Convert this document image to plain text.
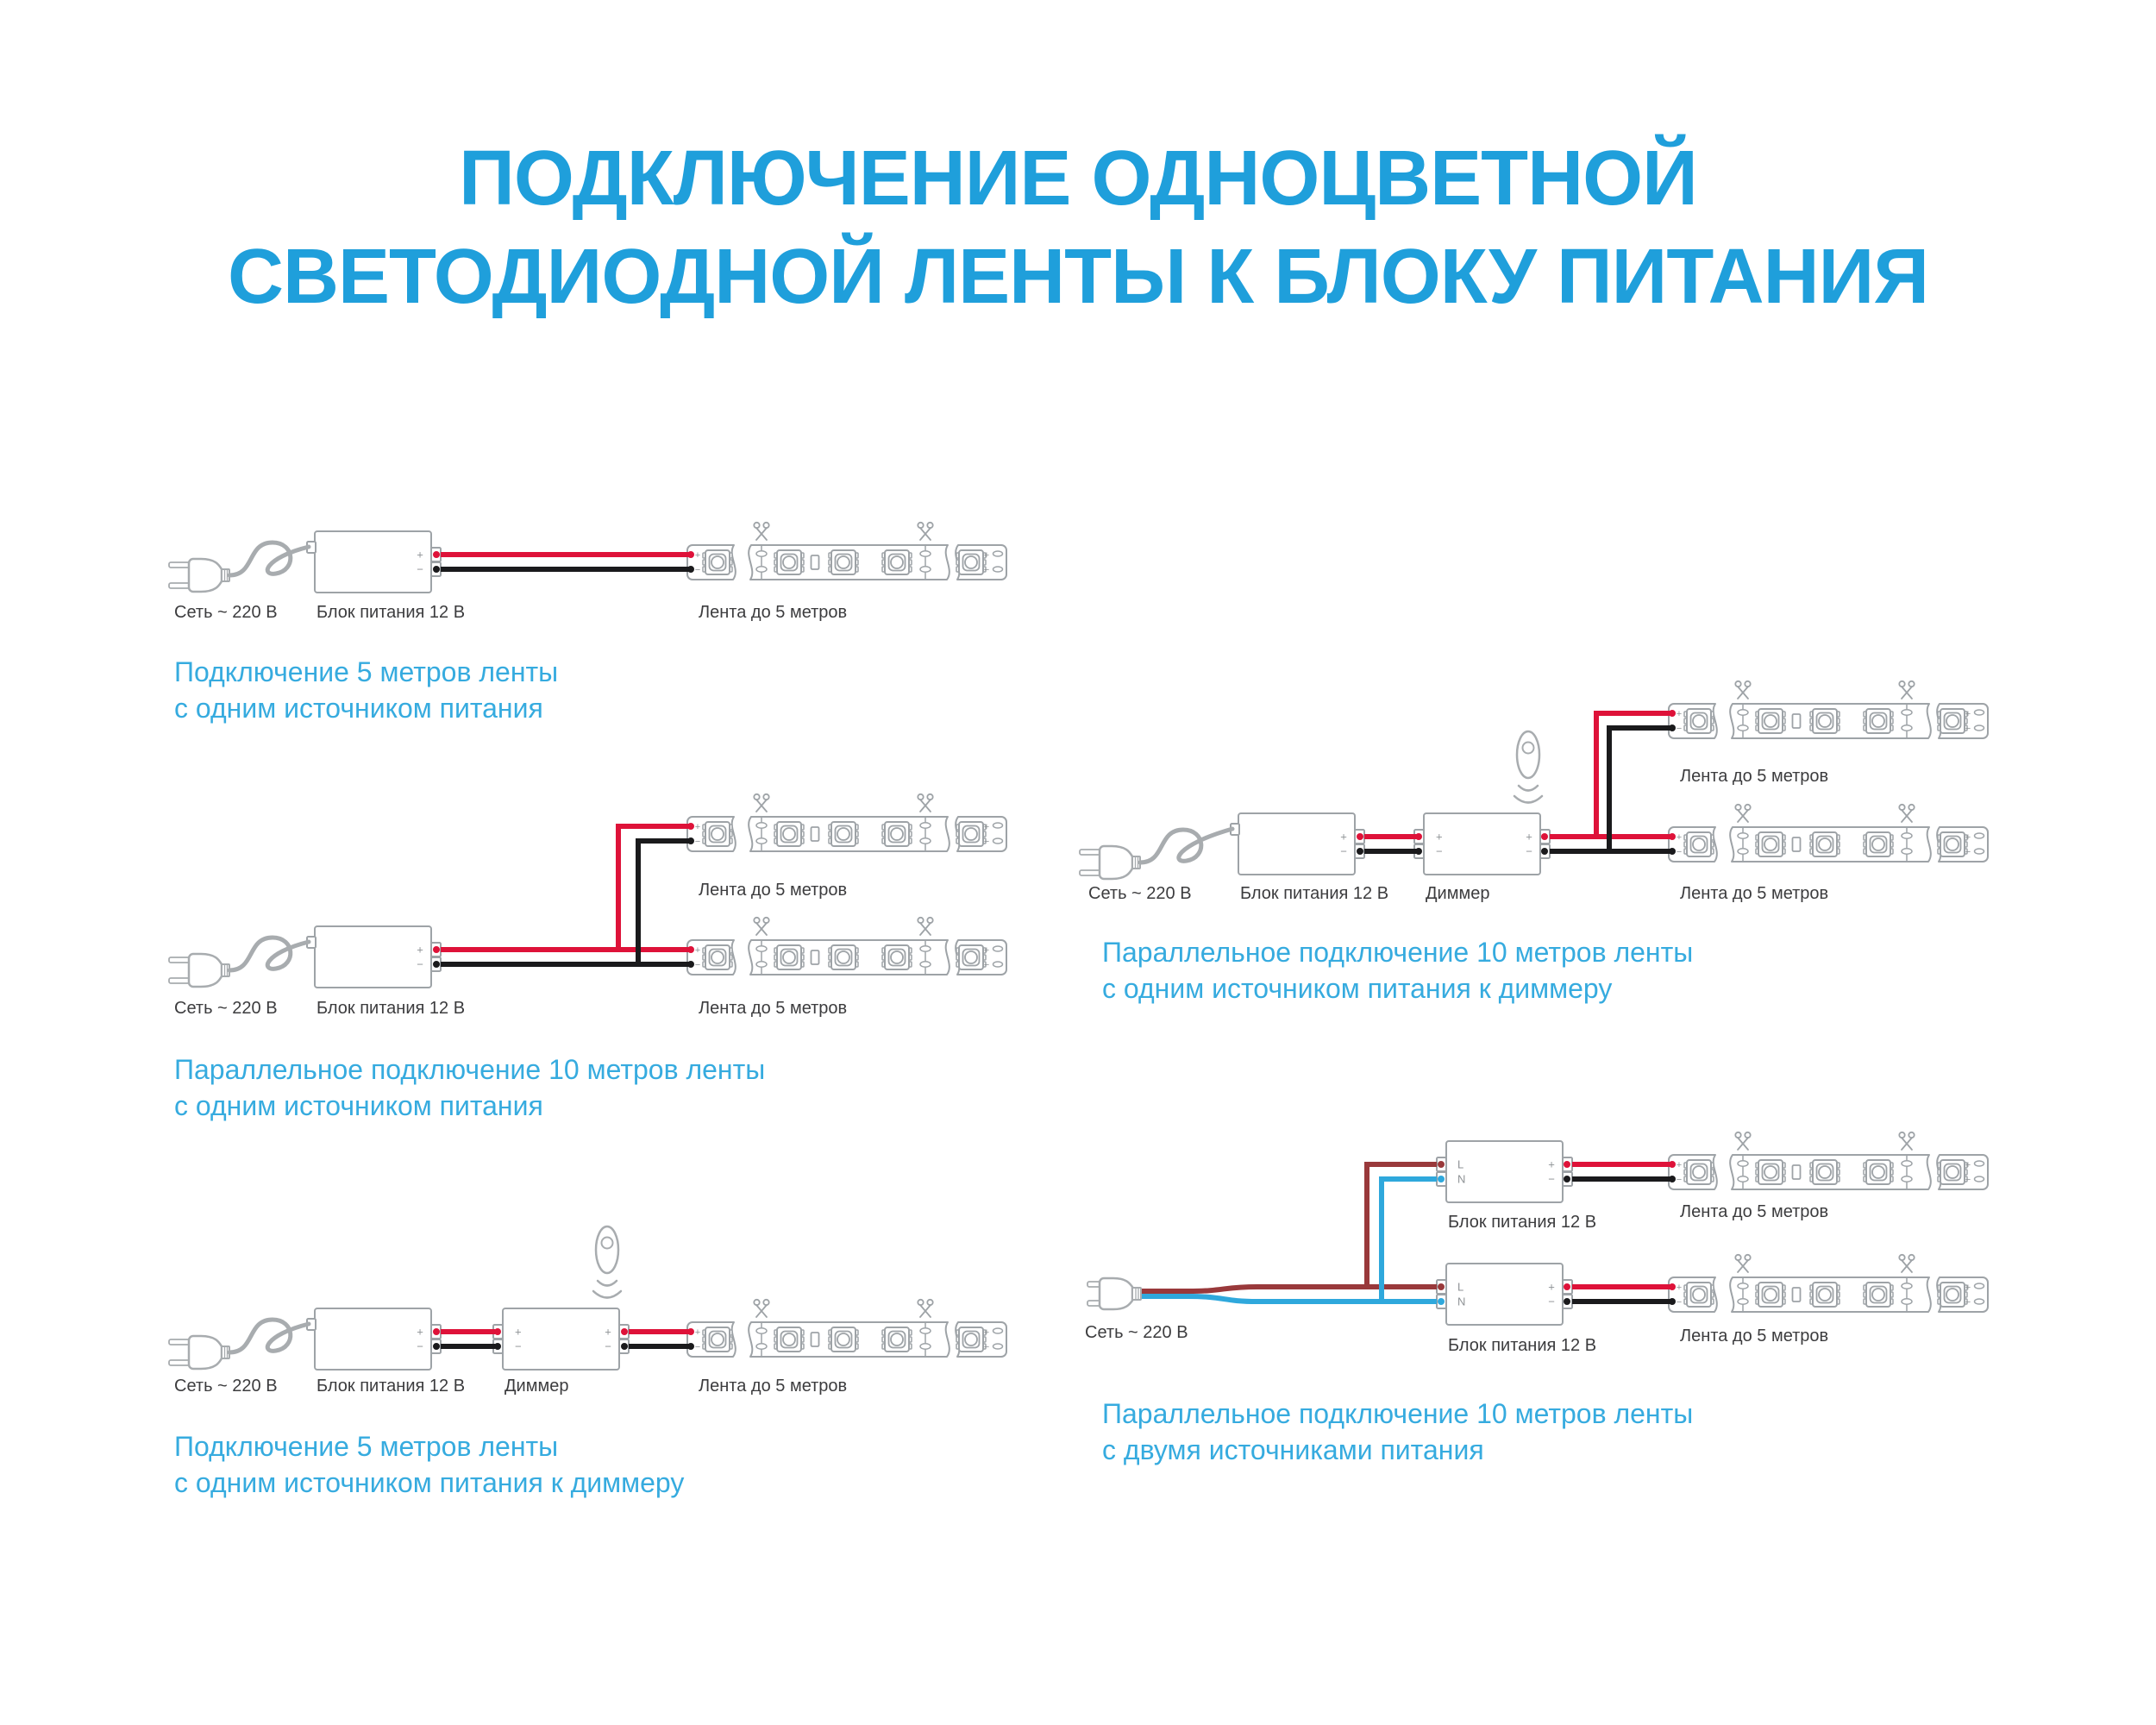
ПОДКЛЮЧЕНИЕ ОДНОЦВЕТНОЙ
СВЕТОДИОДНОЙ ЛЕНТЫ К БЛОКУ ПИТАНИЯ
+
−
+
−
+
−
+
−
+
−
+
−
+
−
+
−
+
−
+
−
+
−
+
−
+
−
+
−
+
−
+
−
+
−
+
−
+
−
+
−
L
N
+
−
L
N
+
−
+
−
+
−
+
−
+
−
Сеть ~ 220 В Блок питания 12 В	Лента до 5 метров
Подключение 5 метров ленты
с одним источником питания
Лента до 5 метров
Сеть ~ 220 В Блок питания 12 В	Лента до 5 метров
Параллельное подключение 10 метров ленты
с одним источником питания
Сеть ~ 220 В Блок питания 12 В Диммер	Лента до 5 метров
Подключение 5 метров ленты
с одним источником питания к диммеру
Лента до 5 метров
Сеть ~ 220 В	Блок питания 12 В Диммер	Лента до 5 метров
Параллельное подключение 10 метров ленты
с одним источником питания к диммеру
Блок питания 12 В
Лента до 5 метров
Сеть ~ 220 В
Блок питания 12 В	Лента до 5 метров
Параллельное подключение 10 метров ленты
с двумя источниками питания
